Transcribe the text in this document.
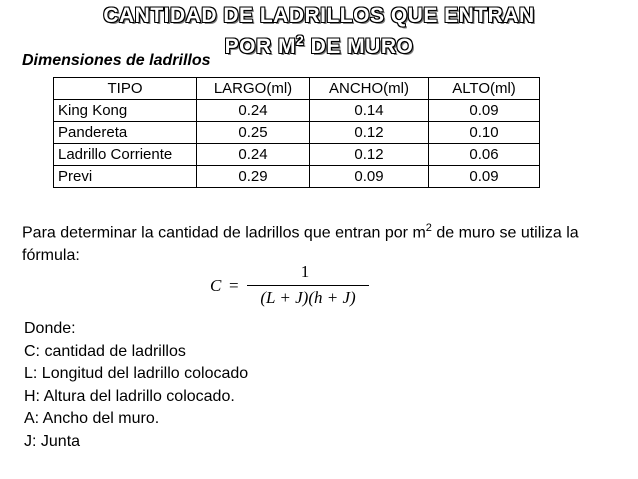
CANTIDAD DE LADRILLOS QUE ENTRAN
POR $M^2$ DE MURO
Dimensiones de ladrillos
TIPO	LARGO(ml)	ANCHO(ml)	ALTO(ml)
King Kong	0.24	0.14	0.09
Pandereta	0.25	0.12	0.10
Ladrillo Corriente	0.24	0.12	0.06
Previ	0.29	0.09	0.09
Para determinar la cantidad de ladrillos que entran por $m^2$ de muro se utiliza la fórmula:
C =
1
(L + J)(h + J)
Donde:
C: cantidad de ladrillos
L: Longitud del ladrillo colocado
H: Altura del ladrillo colocado.
A: Ancho del muro.
J: Junta
